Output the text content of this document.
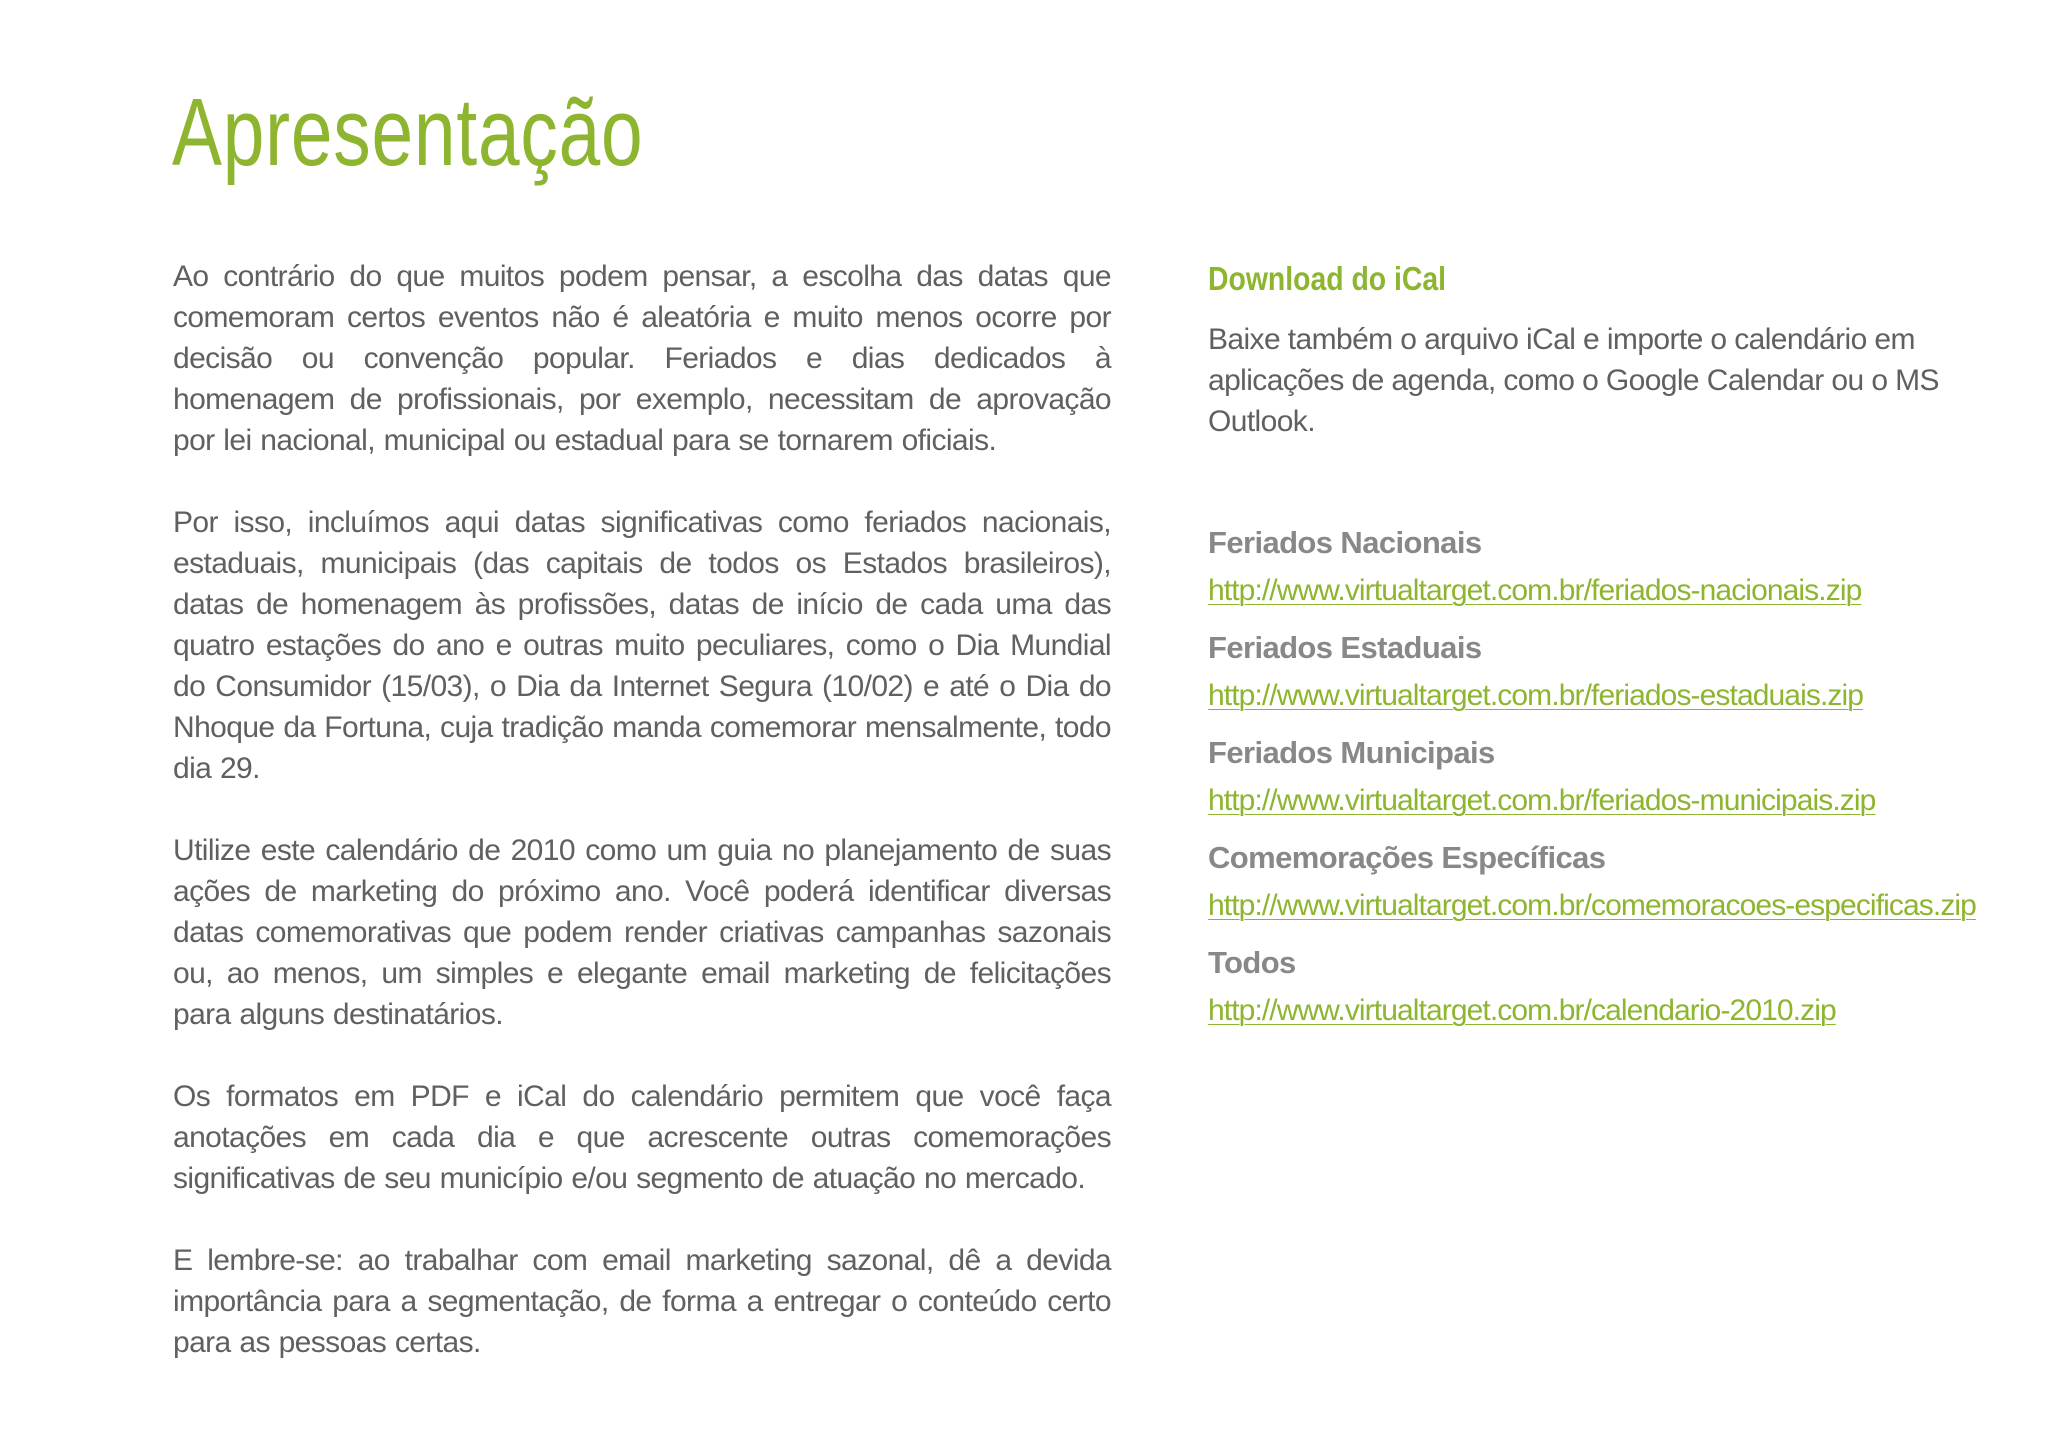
Apresentação

Ao contrário do que muitos podem pensar, a escolha das datas que comemoram certos eventos não é aleatória e muito menos ocorre por decisão ou convenção popular. Feriados e dias dedicados à homenagem de profissionais, por exemplo, necessitam de aprovação por lei nacional, municipal ou estadual para se tornarem oficiais.

Por isso, incluímos aqui datas significativas como feriados nacionais, estaduais, municipais (das capitais de todos os Estados brasileiros), datas de homenagem às profissões, datas de início de cada uma das quatro estações do ano e outras muito peculiares, como o Dia Mundial do Consumidor (15/03), o Dia da Internet Segura (10/02) e até o Dia do Nhoque da Fortuna, cuja tradição manda comemorar mensalmente, todo dia 29.

Utilize este calendário de 2010 como um guia no planejamento de suas ações de marketing do próximo ano. Você poderá identificar diversas datas comemorativas que podem render criativas campanhas sazonais ou, ao menos, um simples e elegante email marketing de felicitações para alguns destinatários.

Os formatos em PDF e iCal do calendário permitem que você faça anotações em cada dia e que acrescente outras comemorações significativas de seu município e/ou segmento de atuação no mercado.

E lembre-se: ao trabalhar com email marketing sazonal, dê a devida importância para a segmentação, de forma a entregar o conteúdo certo para as pessoas certas.

Download do iCal
Baixe também o arquivo iCal e importe o calendário em aplicações de agenda, como o Google Calendar ou o MS Outlook.
Feriados Nacionais
http://www.virtualtarget.com.br/feriados-nacionais.zip
Feriados Estaduais
http://www.virtualtarget.com.br/feriados-estaduais.zip
Feriados Municipais
http://www.virtualtarget.com.br/feriados-municipais.zip
Comemorações Específicas
http://www.virtualtarget.com.br/comemoracoes-especificas.zip
Todos
http://www.virtualtarget.com.br/calendario-2010.zip
